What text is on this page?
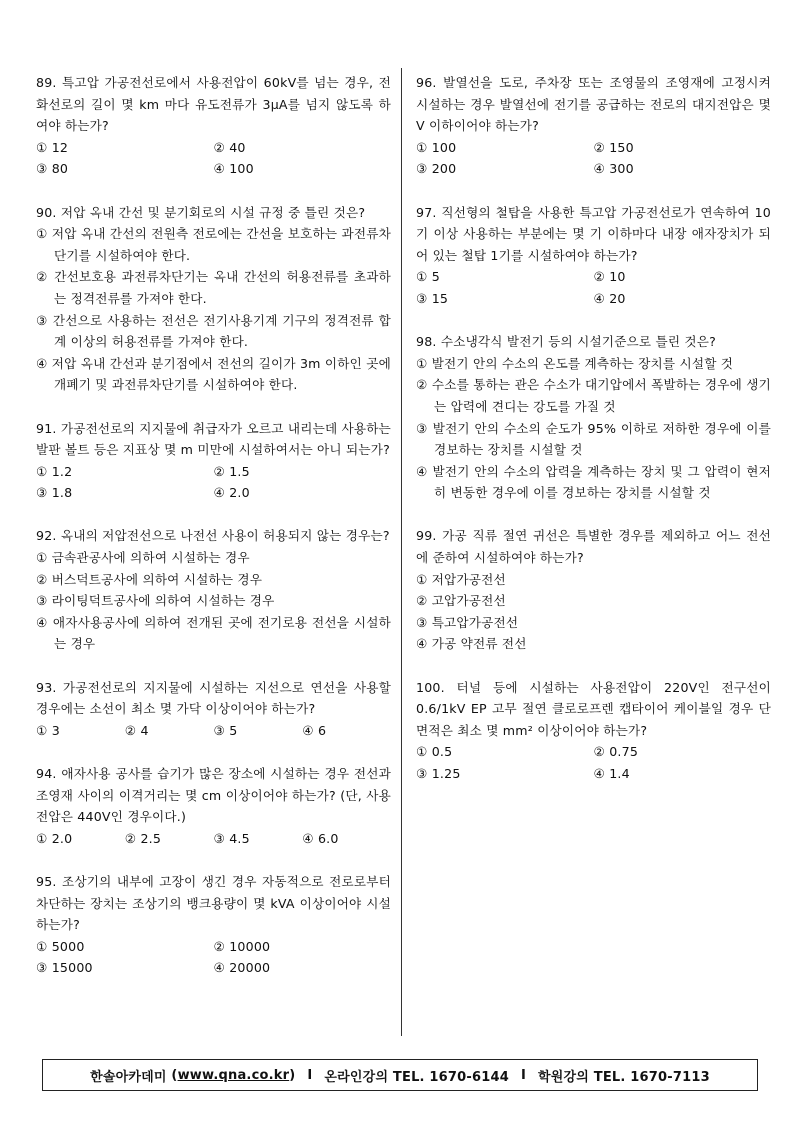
89. 특고압 가공전선로에서 사용전압이 60kV를 넘는 경우, 전화선로의 길이 몇 km 마다 유도전류가 3μA를 넘지 않도록 하여야 하는가?
① 12	② 40
③ 80	④ 100
90. 저압 옥내 간선 및 분기회로의 시설 규정 중 틀린 것은?
① 저압 옥내 간선의 전원측 전로에는 간선을 보호하는 과전류차단기를 시설하여야 한다.
② 간선보호용 과전류차단기는 옥내 간선의 허용전류를 초과하는 정격전류를 가져야 한다.
③ 간선으로 사용하는 전선은 전기사용기계 기구의 정격전류 합계 이상의 허용전류를 가져야 한다.
④ 저압 옥내 간선과 분기점에서 전선의 길이가 3m 이하인 곳에 개폐기 및 과전류차단기를 시설하여야 한다.
91. 가공전선로의 지지물에 취급자가 오르고 내리는데 사용하는 발판 볼트 등은 지표상 몇 m 미만에 시설하여서는 아니 되는가?
① 1.2	② 1.5
③ 1.8	④ 2.0
92. 옥내의 저압전선으로 나전선 사용이 허용되지 않는 경우는?
① 금속관공사에 의하여 시설하는 경우
② 버스덕트공사에 의하여 시설하는 경우
③ 라이팅덕트공사에 의하여 시설하는 경우
④ 애자사용공사에 의하여 전개된 곳에 전기로용 전선을 시설하는 경우
93. 가공전선로의 지지물에 시설하는 지선으로 연선을 사용할 경우에는 소선이 최소 몇 가닥 이상이어야 하는가?
① 3	② 4	③ 5	④ 6
94. 애자사용 공사를 습기가 많은 장소에 시설하는 경우 전선과 조영재 사이의 이격거리는 몇 cm 이상이어야 하는가? (단, 사용전압은 440V인 경우이다.)
① 2.0	② 2.5	③ 4.5	④ 6.0
95. 조상기의 내부에 고장이 생긴 경우 자동적으로 전로로부터 차단하는 장치는 조상기의 뱅크용량이 몇 kVA 이상이어야 시설하는가?
① 5000	② 10000
③ 15000	④ 20000
96. 발열선을 도로, 주차장 또는 조영물의 조영재에 고정시켜 시설하는 경우 발열선에 전기를 공급하는 전로의 대지전압은 몇 V 이하이어야 하는가?
① 100	② 150
③ 200	④ 300
97. 직선형의 철탑을 사용한 특고압 가공전선로가 연속하여 10기 이상 사용하는 부분에는 몇 기 이하마다 내장 애자장치가 되어 있는 철탑 1기를 시설하여야 하는가?
① 5	② 10
③ 15	④ 20
98. 수소냉각식 발전기 등의 시설기준으로 틀린 것은?
① 발전기 안의 수소의 온도를 계측하는 장치를 시설할 것
② 수소를 통하는 관은 수소가 대기압에서 폭발하는 경우에 생기는 압력에 견디는 강도를 가질 것
③ 발전기 안의 수소의 순도가 95% 이하로 저하한 경우에 이를 경보하는 장치를 시설할 것
④ 발전기 안의 수소의 압력을 계측하는 장치 및 그 압력이 현저히 변동한 경우에 이를 경보하는 장치를 시설할 것
99. 가공 직류 절연 귀선은 특별한 경우를 제외하고 어느 전선에 준하여 시설하여야 하는가?
① 저압가공전선
② 고압가공전선
③ 특고압가공전선
④ 가공 약전류 전선
100. 터널 등에 시설하는 사용전압이 220V인 전구선이 0.6/1kV EP 고무 절연 클로로프렌 캡타이어 케이블일 경우 단면적은 최소 몇 mm² 이상이어야 하는가?
① 0.5	② 0.75
③ 1.25	④ 1.4
한솔아카데미 ( www.qna.co.kr ) I 온라인강의 TEL. 1670-6144 I 학원강의 TEL. 1670-7113
